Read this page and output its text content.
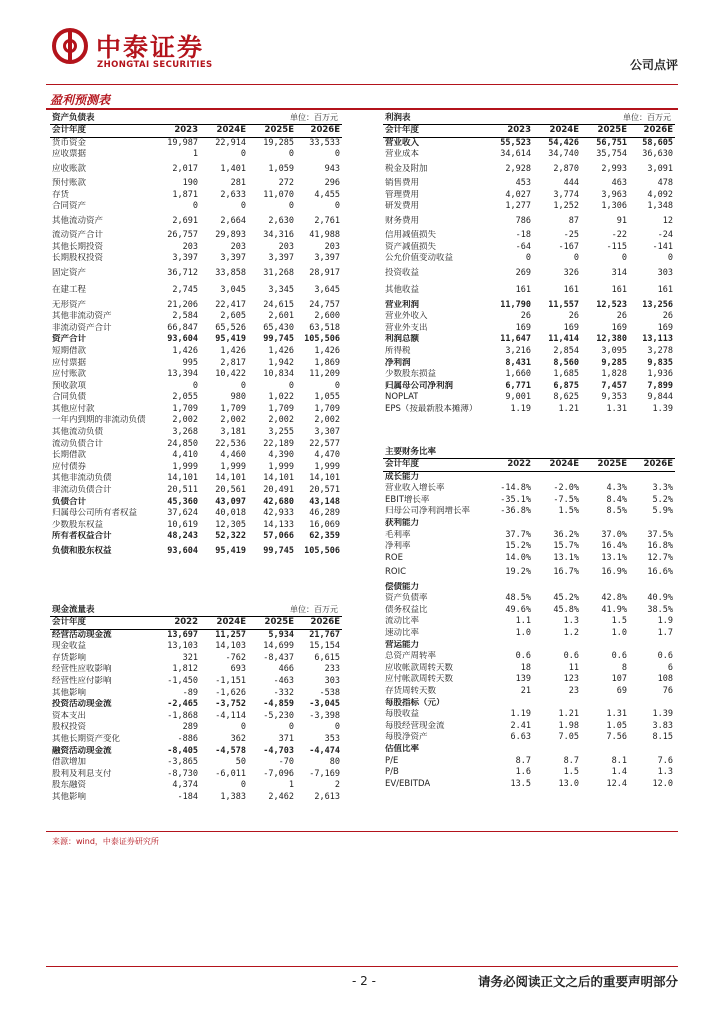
中泰证券
ZHONGTAI SECURITIES	公司点评
盈利预测表
资产负债表	单位：百万元
会计年度	2023 2024E 2025E 2026E
货币资金	19,987 22,914 19,285 33,533
应收票据	1	0	0	0
应收账款	2,017	1,401	1,059	943
预付账款	190	281	272	296
存货	1,871	2,633 11,070 4,455
合同资产	0	0	0	0
其他流动资产	2,691	2,664	2,630 2,761
流动资产合计	26,757 29,893 34,316 41,988
其他长期投资	203	203	203	203
长期股权投资	3,397	3,397	3,397 3,397
固定资产	36,712 33,858 31,268 28,917
在建工程	2,745	3,045	3,345 3,645
无形资产	21,206 22,417 24,615 24,757
其他非流动资产	2,584	2,605	2,601 2,600
非流动资产合计	66,847 65,526 65,430 63,518
资产合计	93,604 95,419 99,745 105,506
短期借款	1,426	1,426	1,426 1,426
应付票据	995	2,817	1,942 1,869
应付账款	13,394 10,422 10,834 11,209
预收款项	0	0	0	0
合同负债	2,055	980	1,022 1,055
其他应付款	1,709	1,709	1,709 1,709
一年内到期的非流动负债	2,002	2,002	2,002 2,002
其他流动负债	3,268	3,181	3,255 3,307
流动负债合计	24,850 22,536 22,189 22,577
长期借款	4,410	4,460	4,390 4,470
应付债券	1,999	1,999	1,999 1,999
其他非流动负债	14,101 14,101 14,101 14,101
非流动负债合计	20,511 20,561 20,491 20,571
负债合计	45,360 43,097 42,680 43,148
归属母公司所有者权益	37,624 40,018 42,933 46,289
少数股东权益	10,619 12,305 14,133 16,069
所有者权益合计	48,243 52,322 57,066 62,359
负债和股东权益	93,604 95,419 99,745 105,506
利润表	单位：百万元
会计年度	2023 2024E 2025E 2026E
营业收入	55,523 54,426 56,751 58,605
营业成本	34,614 34,740 35,754 36,630
税金及附加	2,928	2,870	2,993 3,091
销售费用	453	444	463	478
管理费用	4,027	3,774	3,963 4,092
研发费用	1,277	1,252	1,306 1,348
财务费用	786	87	91	12
信用减值损失	-18	-25	-22	-24
资产减值损失	-64	-167	-115	-141
公允价值变动收益	0	0	0	0
投资收益	269	326	314	303
其他收益	161	161	161	161
营业利润	11,790 11,557 12,523 13,256
营业外收入	26	26	26	26
营业外支出	169	169	169	169
利润总额	11,647 11,414 12,380 13,113
所得税	3,216	2,854	3,095 3,278
净利润	8,431	8,560	9,285 9,835
少数股东损益	1,660	1,685	1,828 1,936
归属母公司净利润	6,771	6,875	7,457 7,899
NOPLAT	9,001	8,625	9,353 9,844
EPS（按最新股本摊薄）	1.19	1.21	1.31	1.39
主要财务比率
会计年度	2022 2024E 2025E 2026E
成长能力
营业收入增长率	-14.8%	-2.0%	4.3%	3.3%
EBIT增长率	-35.1%	-7.5%	8.4%	5.2%
归母公司净利润增长率	-36.8%	1.5%	8.5%	5.9%
获利能力
毛利率	37.7%	36.2%	37.0% 37.5%
净利率	15.2%	15.7%	16.4% 16.8%
ROE	14.0%	13.1%	13.1% 12.7%
ROIC	19.2%	16.7%	16.9% 16.6%
偿债能力
资产负债率	48.5%	45.2%	42.8% 40.9%
债务权益比	49.6%	45.8%	41.9% 38.5%
流动比率	1.1	1.3	1.5	1.9
速动比率	1.0	1.2	1.0	1.7
营运能力
总资产周转率	0.6	0.6	0.6	0.6
应收帐款周转天数	18	11	8	6
应付帐款周转天数	139	123	107	108
存货周转天数	21	23	69	76
每股指标（元）
每股收益	1.19	1.21	1.31	1.39
每股经营现金流	2.41	1.98	1.05	3.83
每股净资产	6.63	7.05	7.56	8.15
估值比率
P/E	8.7	8.7	8.1	7.6
P/B	1.6	1.5	1.4	1.3
EV/EBITDA	13.5	13.0	12.4	12.0
现金流量表	单位：百万元
会计年度	2022 2024E 2025E 2026E
经营活动现金流	13,697 11,257	5,934 21,767
现金收益	13,103 14,103 14,699 15,154
存货影响	321	-762 -8,437 6,615
经营性应收影响	1,812	693	466	233
经营性应付影响	-1,450 -1,151	-463	303
其他影响	-89 -1,626	-332	-538
投资活动现金流	-2,465 -3,752 -4,859 -3,045
资本支出	-1,868 -4,114 -5,230 -3,398
股权投资	289	0	0	0
其他长期资产变化	-886	362	371	353
融资活动现金流	-8,405 -4,578 -4,703 -4,474
借款增加	-3,865	50	-70	80
股利及利息支付	-8,730 -6,011 -7,096 -7,169
股东融资	4,374	0	1	2
其他影响	-184	1,383	2,462 2,613
来源：wind，中泰证券研究所
- 2 -	请务必阅读正文之后的重要声明部分
